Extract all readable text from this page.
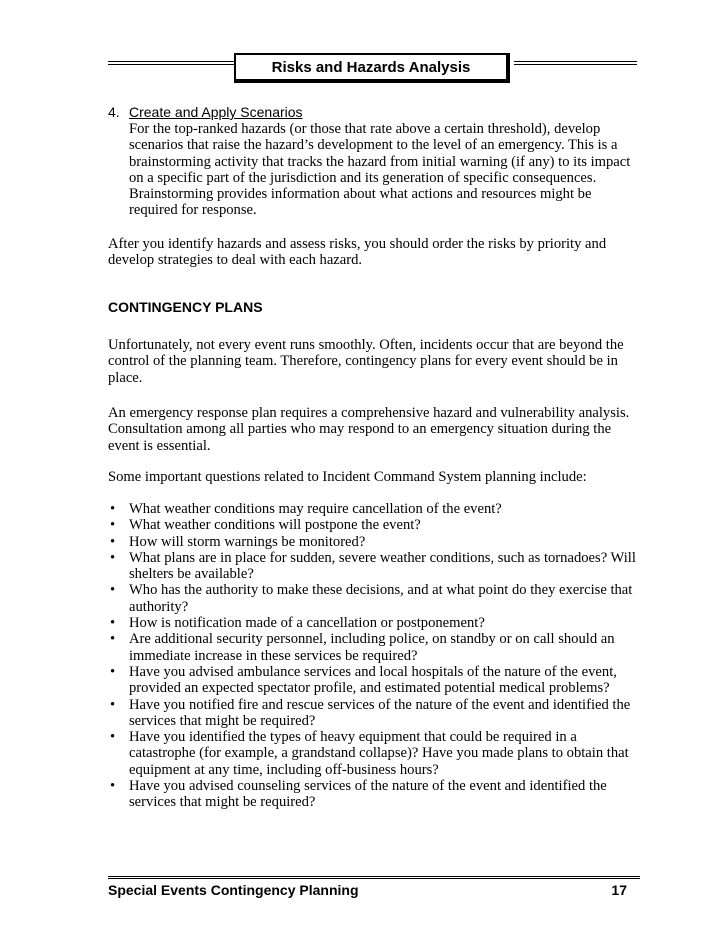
Risks and Hazards Analysis
4. Create and Apply Scenarios
For the top-ranked hazards (or those that rate above a certain threshold), develop scenarios that raise the hazard’s development to the level of an emergency. This is a brainstorming activity that tracks the hazard from initial warning (if any) to its impact on a specific part of the jurisdiction and its generation of specific consequences. Brainstorming provides information about what actions and resources might be required for response.
After you identify hazards and assess risks, you should order the risks by priority and develop strategies to deal with each hazard.
CONTINGENCY PLANS
Unfortunately, not every event runs smoothly. Often, incidents occur that are beyond the control of the planning team. Therefore, contingency plans for every event should be in place.
An emergency response plan requires a comprehensive hazard and vulnerability analysis. Consultation among all parties who may respond to an emergency situation during the event is essential.
Some important questions related to Incident Command System planning include:
• What weather conditions may require cancellation of the event?
• What weather conditions will postpone the event?
• How will storm warnings be monitored?
• What plans are in place for sudden, severe weather conditions, such as tornadoes? Will shelters be available?
• Who has the authority to make these decisions, and at what point do they exercise that authority?
• How is notification made of a cancellation or postponement?
• Are additional security personnel, including police, on standby or on call should an immediate increase in these services be required?
• Have you advised ambulance services and local hospitals of the nature of the event, provided an expected spectator profile, and estimated potential medical problems?
• Have you notified fire and rescue services of the nature of the event and identified the services that might be required?
• Have you identified the types of heavy equipment that could be required in a catastrophe (for example, a grandstand collapse)? Have you made plans to obtain that equipment at any time, including off-business hours?
• Have you advised counseling services of the nature of the event and identified the services that might be required?
Special Events Contingency Planning	17
